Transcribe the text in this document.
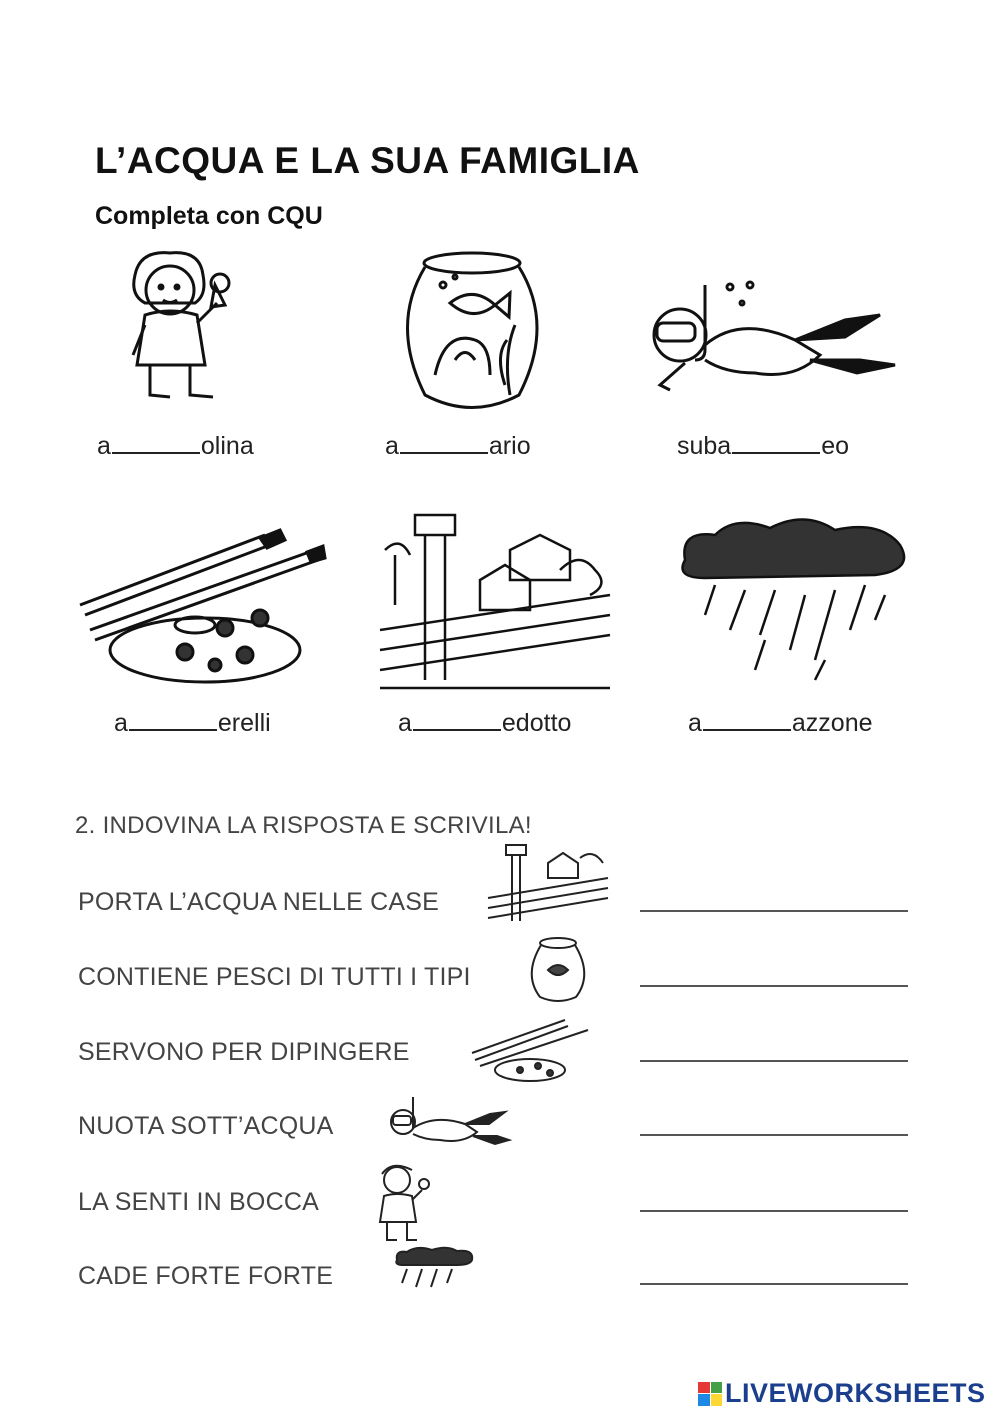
L’ACQUA E LA SUA FAMIGLIA
Completa con CQU
a	olina	a	ario	suba	eo
a	erelli	a	edotto	a	azzone
2. INDOVINA LA RISPOSTA E SCRIVILA!
PORTA L’ACQUA NELLE CASE
CONTIENE PESCI DI TUTTI I TIPI
SERVONO PER DIPINGERE
NUOTA SOTT’ACQUA
LA SENTI IN BOCCA
CADE FORTE FORTE
LIVEWORKSHEETS
